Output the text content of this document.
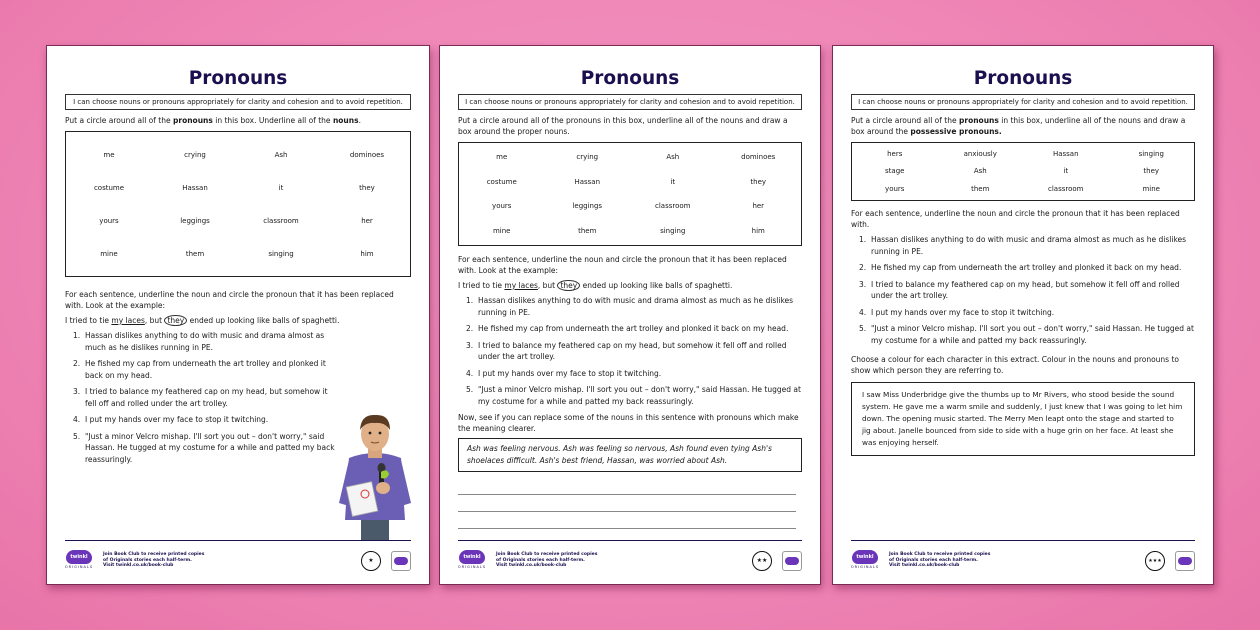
Pronouns
I can choose nouns or pronouns appropriately for clarity and cohesion and to avoid repetition.
Put a circle around all of the pronouns in this box. Underline all of the nouns.
me	crying	Ash	dominoes
costume	Hassan	it	they
yours	leggings	classroom	her
mine	them	singing	him
For each sentence, underline the noun and circle the pronoun that it has been replaced with. Look at the example:
I tried to tie my laces, but they ended up looking like balls of spaghetti.
1. Hassan dislikes anything to do with music and drama almost as much as he dislikes running in PE.
2. He fished my cap from underneath the art trolley and plonked it back on my head.
3. I tried to balance my feathered cap on my head, but somehow it fell off and rolled under the art trolley.
4. I put my hands over my face to stop it twitching.
5. "Just a minor Velcro mishap. I'll sort you out – don't worry," said Hassan. He tugged at my costume for a while and patted my back reassuringly.
twinkl
ORIGINALS
Join Book Club to receive printed copies
of Originals stories each half-term.
Visit twinkl.co.uk/book-club
★
Pronouns
I can choose nouns or pronouns appropriately for clarity and cohesion and to avoid repetition.
Put a circle around all of the pronouns in this box, underline all of the nouns and draw a box around the proper nouns.
me	crying	Ash	dominoes
costume	Hassan	it	they
yours	leggings	classroom	her
mine	them	singing	him
For each sentence, underline the noun and circle the pronoun that it has been replaced with. Look at the example:
I tried to tie my laces, but they ended up looking like balls of spaghetti.
1. Hassan dislikes anything to do with music and drama almost as much as he dislikes running in PE.
2. He fished my cap from underneath the art trolley and plonked it back on my head.
3. I tried to balance my feathered cap on my head, but somehow it fell off and rolled under the art trolley.
4. I put my hands over my face to stop it twitching.
5. "Just a minor Velcro mishap. I'll sort you out – don't worry," said Hassan. He tugged at my costume for a while and patted my back reassuringly.
Now, see if you can replace some of the nouns in this sentence with pronouns which make the meaning clearer.
Ash was feeling nervous. Ash was feeling so nervous, Ash found even tying Ash's shoelaces difficult. Ash's best friend, Hassan, was worried about Ash.
twinkl
ORIGINALS
Join Book Club to receive printed copies
of Originals stories each half-term.
Visit twinkl.co.uk/book-club
★★
Pronouns
I can choose nouns or pronouns appropriately for clarity and cohesion and to avoid repetition.
Put a circle around all of the pronouns in this box, underline all of the nouns and draw a box around the possessive pronouns.
hers	anxiously	Hassan	singing
stage	Ash	it	they
yours	them	classroom	mine
For each sentence, underline the noun and circle the pronoun that it has been replaced with.
1. Hassan dislikes anything to do with music and drama almost as much as he dislikes running in PE.
2. He fished my cap from underneath the art trolley and plonked it back on my head.
3. I tried to balance my feathered cap on my head, but somehow it fell off and rolled under the art trolley.
4. I put my hands over my face to stop it twitching.
5. "Just a minor Velcro mishap. I'll sort you out – don't worry," said Hassan. He tugged at my costume for a while and patted my back reassuringly.
Choose a colour for each character in this extract. Colour in the nouns and pronouns to show which person they are referring to.
I saw Miss Underbridge give the thumbs up to Mr Rivers, who stood beside the sound system. He gave me a warm smile and suddenly, I just knew that I was going to let him down. The opening music started. The Merry Men leapt onto the stage and started to jig about. Janelle bounced from side to side with a huge grin on her face. At least she was enjoying herself.
twinkl
ORIGINALS
Join Book Club to receive printed copies
of Originals stories each half-term.
Visit twinkl.co.uk/book-club
★★★
